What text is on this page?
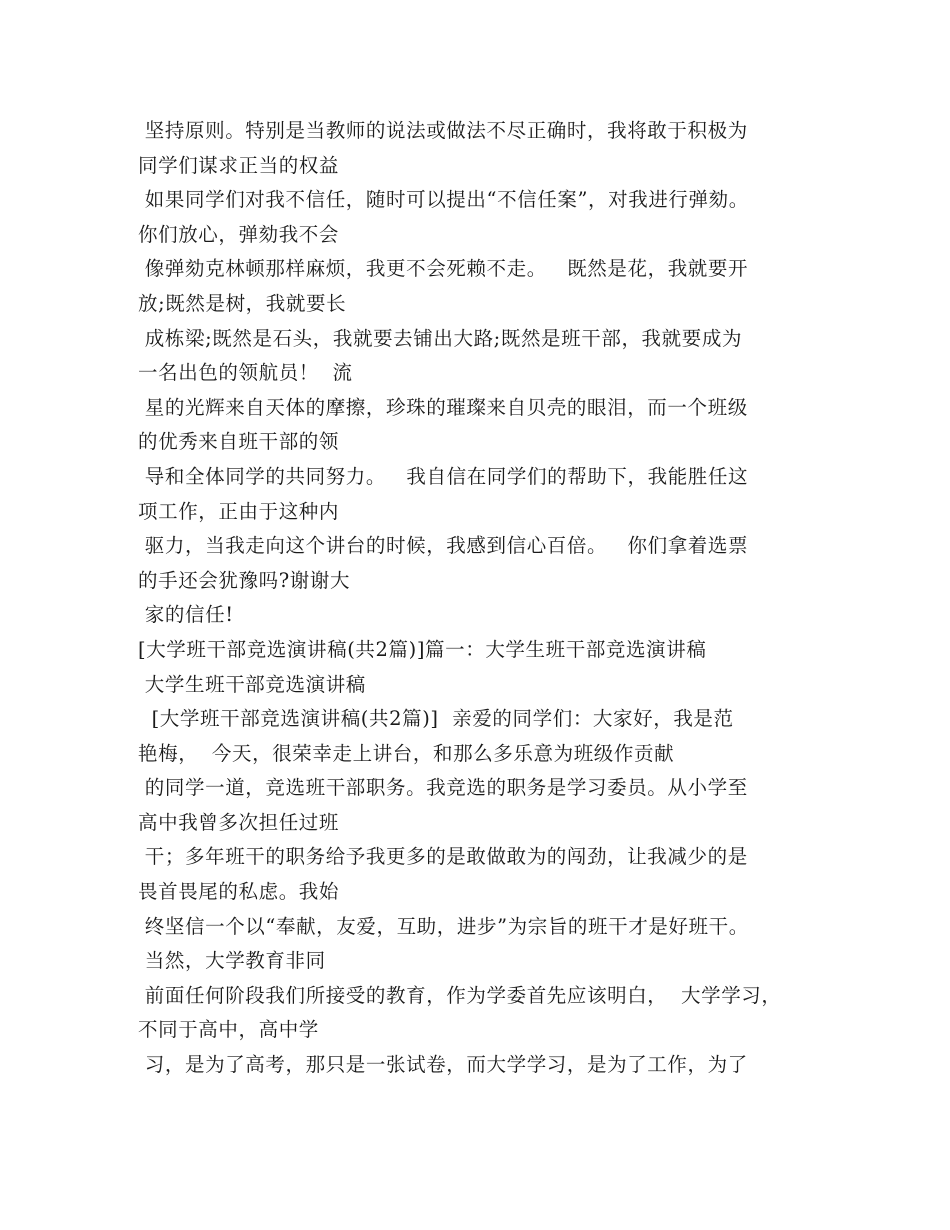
坚持原则。特别是当教师的说法或做法不尽正确时，我将敢于积极为
同学们谋求正当的权益
如果同学们对我不信任，随时可以提出“不信任案”，对我进行弹劾。
你们放心，弹劾我不会
像弹劾克林顿那样麻烦，我更不会死赖不走。   既然是花，我就要开
放;既然是树，我就要长
成栋梁;既然是石头，我就要去铺出大路;既然是班干部，我就要成为
一名出色的领航员！  流
星的光辉来自天体的摩擦，珍珠的璀璨来自贝壳的眼泪，而一个班级
的优秀来自班干部的领
导和全体同学的共同努力。   我自信在同学们的帮助下，我能胜任这
项工作，正由于这种内
驱力，当我走向这个讲台的时候，我感到信心百倍。   你们拿着选票
的手还会犹豫吗?谢谢大
家的信任!
[大学班干部竞选演讲稿(共2篇)]篇一：大学生班干部竞选演讲稿
大学生班干部竞选演讲稿
[大学班干部竞选演讲稿(共2篇)]  亲爱的同学们：大家好，我是范
艳梅，  今天，很荣幸走上讲台，和那么多乐意为班级作贡献
的同学一道，竞选班干部职务。我竞选的职务是学习委员。从小学至
高中我曾多次担任过班
干；多年班干的职务给予我更多的是敢做敢为的闯劲，让我减少的是
畏首畏尾的私虑。我始
终坚信一个以“奉献，友爱，互助，进步”为宗旨的班干才是好班干。
当然，大学教育非同
前面任何阶段我们所接受的教育，作为学委首先应该明白，  大学学习，
不同于高中，高中学
习，是为了高考，那只是一张试卷，而大学学习，是为了工作，为了
